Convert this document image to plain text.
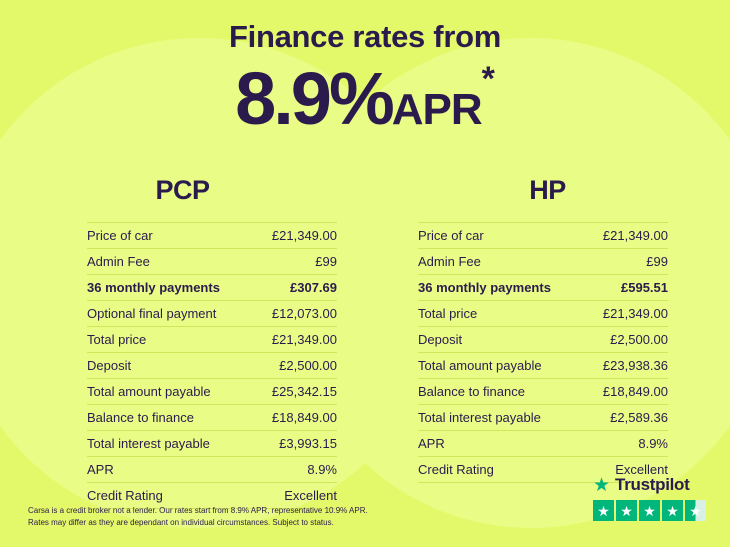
Finance rates from
8.9%APR*
PCP
Price of car	£21,349.00
Admin Fee	£99
36 monthly payments	£307.69
Optional final payment	£12,073.00
Total price	£21,349.00
Deposit	£2,500.00
Total amount payable	£25,342.15
Balance to finance	£18,849.00
Total interest payable	£3,993.15
APR	8.9%
Credit Rating	Excellent
HP
Price of car	£21,349.00
Admin Fee	£99
36 monthly payments	£595.51
Total price	£21,349.00
Deposit	£2,500.00
Total amount payable	£23,938.36
Balance to finance	£18,849.00
Total interest payable	£2,589.36
APR	8.9%
Credit Rating	Excellent
Carsa is a credit broker not a lender. Our rates start from 8.9% APR, representative 10.9% APR.
Rates may differ as they are dependant on individual circumstances. Subject to status.
★ Trustpilot
★ ★ ★ ★ ★
